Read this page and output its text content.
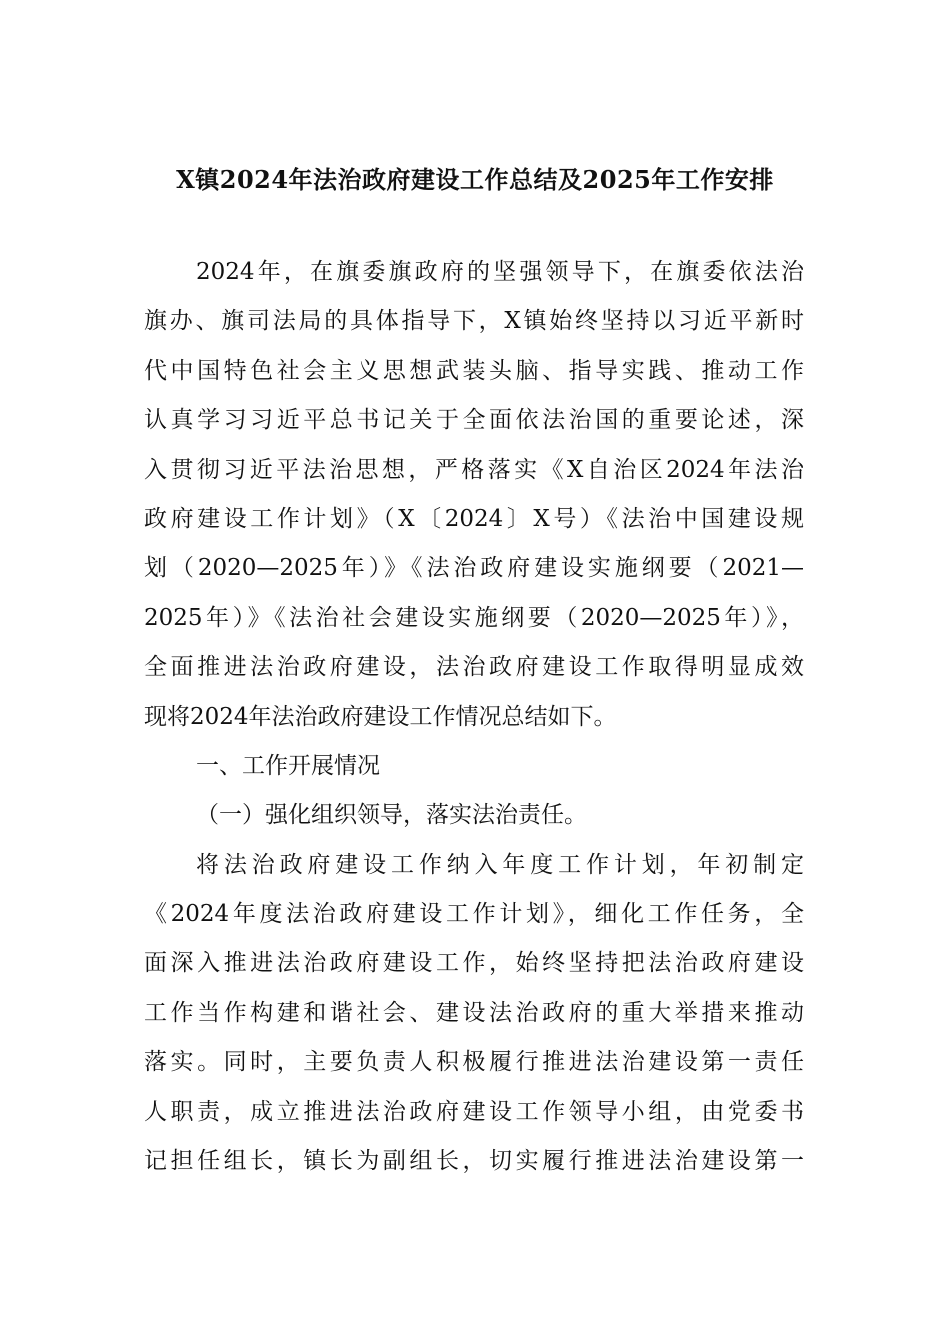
X镇2024年法治政府建设工作总结及2025年工作安排
2024年，在旗委旗政府的坚强领导下，在旗委依法治
旗办、旗司法局的具体指导下，X镇始终坚持以习近平新时
代中国特色社会主义思想武装头脑、指导实践、推动工作
认真学习习近平总书记关于全面依法治国的重要论述，深
入贯彻习近平法治思想，严格落实《X自治区2024年法治
政府建设工作计划》（X〔2024〕X号）《法治中国建设规
划（2020—2025年）》《法治政府建设实施纲要（2021—
2025年）》《法治社会建设实施纲要（2020—2025年）》，
全面推进法治政府建设，法治政府建设工作取得明显成效
现将2024年法治政府建设工作情况总结如下。
一、工作开展情况
（一）强化组织领导，落实法治责任。
将法治政府建设工作纳入年度工作计划，年初制定
《2024年度法治政府建设工作计划》，细化工作任务，全
面深入推进法治政府建设工作，始终坚持把法治政府建设
工作当作构建和谐社会、建设法治政府的重大举措来推动
落实。同时，主要负责人积极履行推进法治建设第一责任
人职责，成立推进法治政府建设工作领导小组，由党委书
记担任组长，镇长为副组长，切实履行推进法治建设第一
